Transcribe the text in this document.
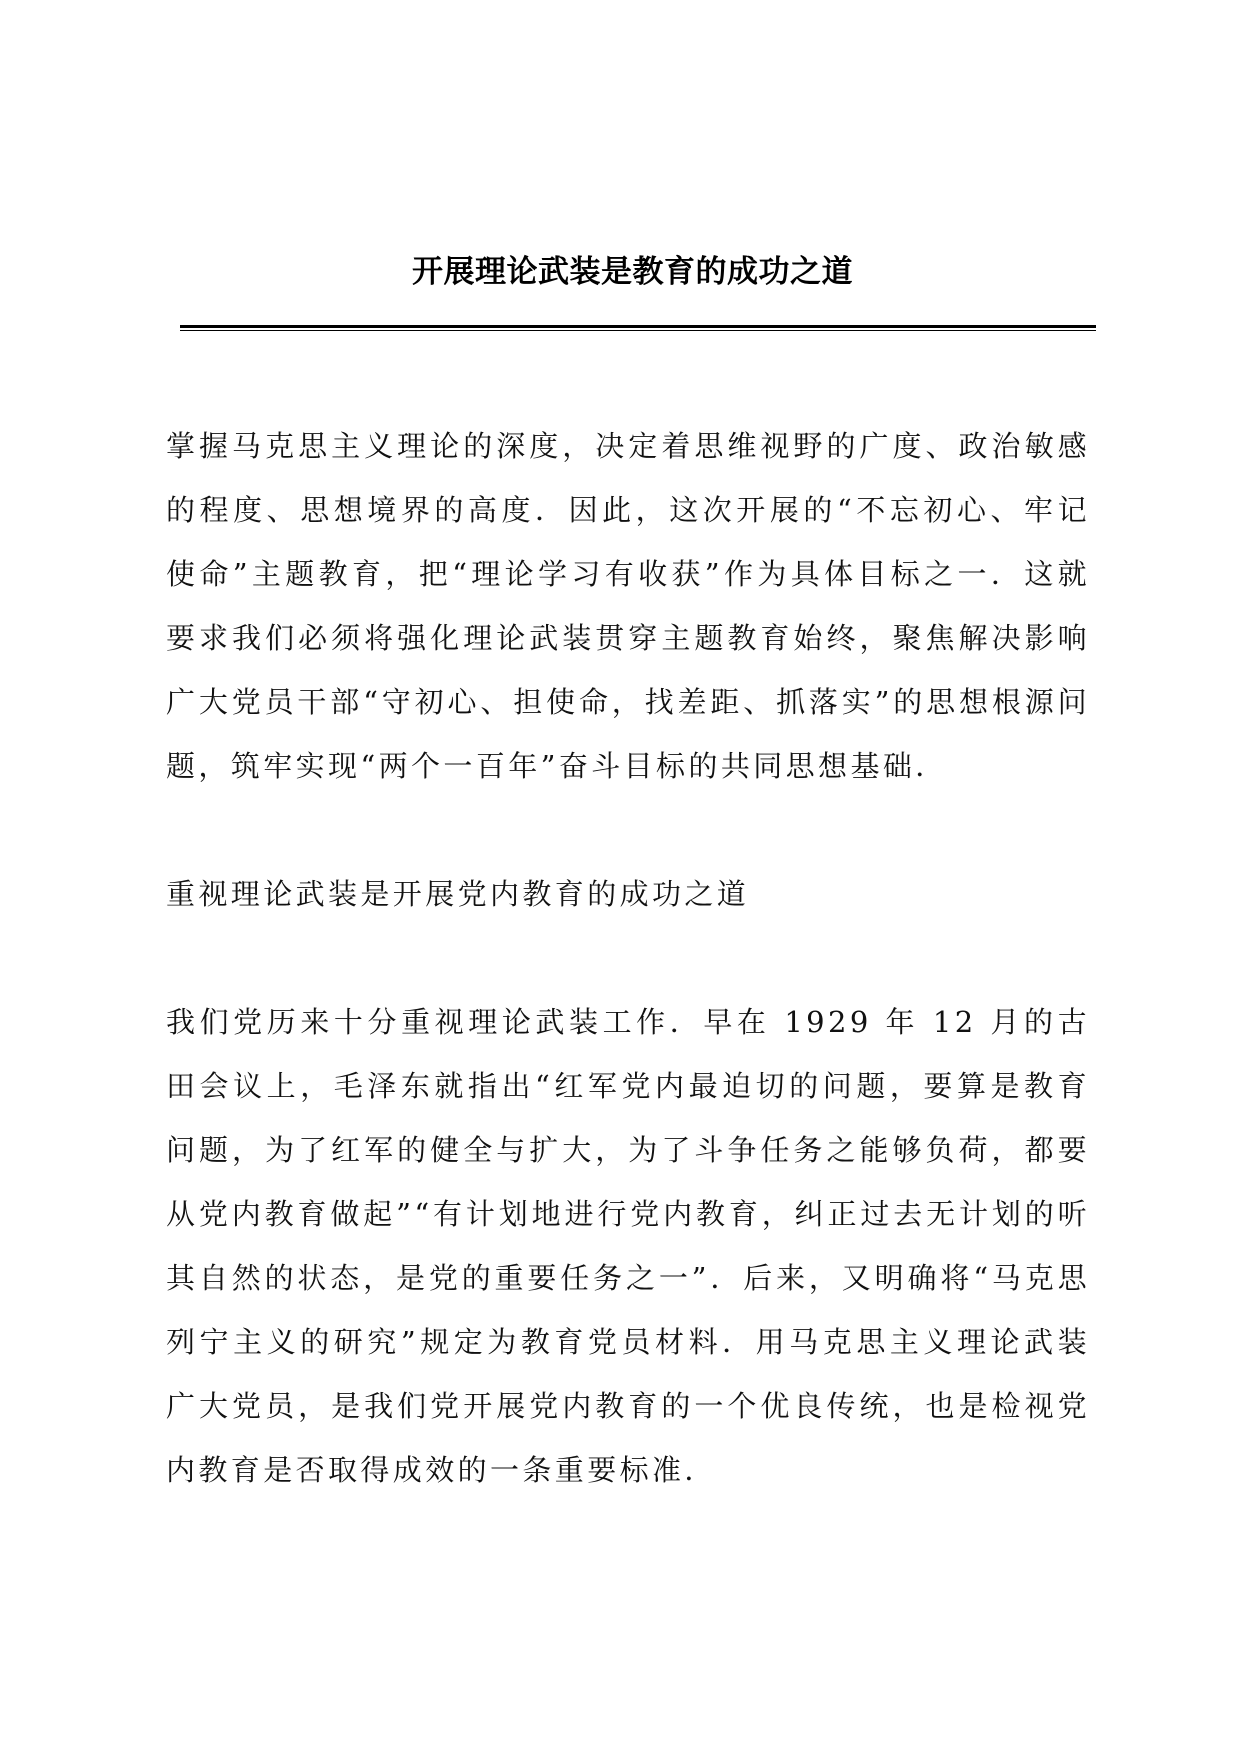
开展理论武装是教育的成功之道

掌握马克思主义理论的深度，决定着思维视野的广度、政治敏感的程度、思想境界的高度．因此，这次开展的“不忘初心、牢记使命”主题教育，把“理论学习有收获”作为具体目标之一．这就要求我们必须将强化理论武装贯穿主题教育始终，聚焦解决影响广大党员干部“守初心、担使命，找差距、抓落实”的思想根源问题，筑牢实现“两个一百年”奋斗目标的共同思想基础．

重视理论武装是开展党内教育的成功之道

我们党历来十分重视理论武装工作．早在 1929 年 12 月的古田会议上，毛泽东就指出“红军党内最迫切的问题，要算是教育问题，为了红军的健全与扩大，为了斗争任务之能够负荷，都要从党内教育做起”“有计划地进行党内教育，纠正过去无计划的听其自然的状态，是党的重要任务之一”．后来，又明确将“马克思列宁主义的研究”规定为教育党员材料．用马克思主义理论武装广大党员，是我们党开展党内教育的一个优良传统，也是检视党内教育是否取得成效的一条重要标准．
